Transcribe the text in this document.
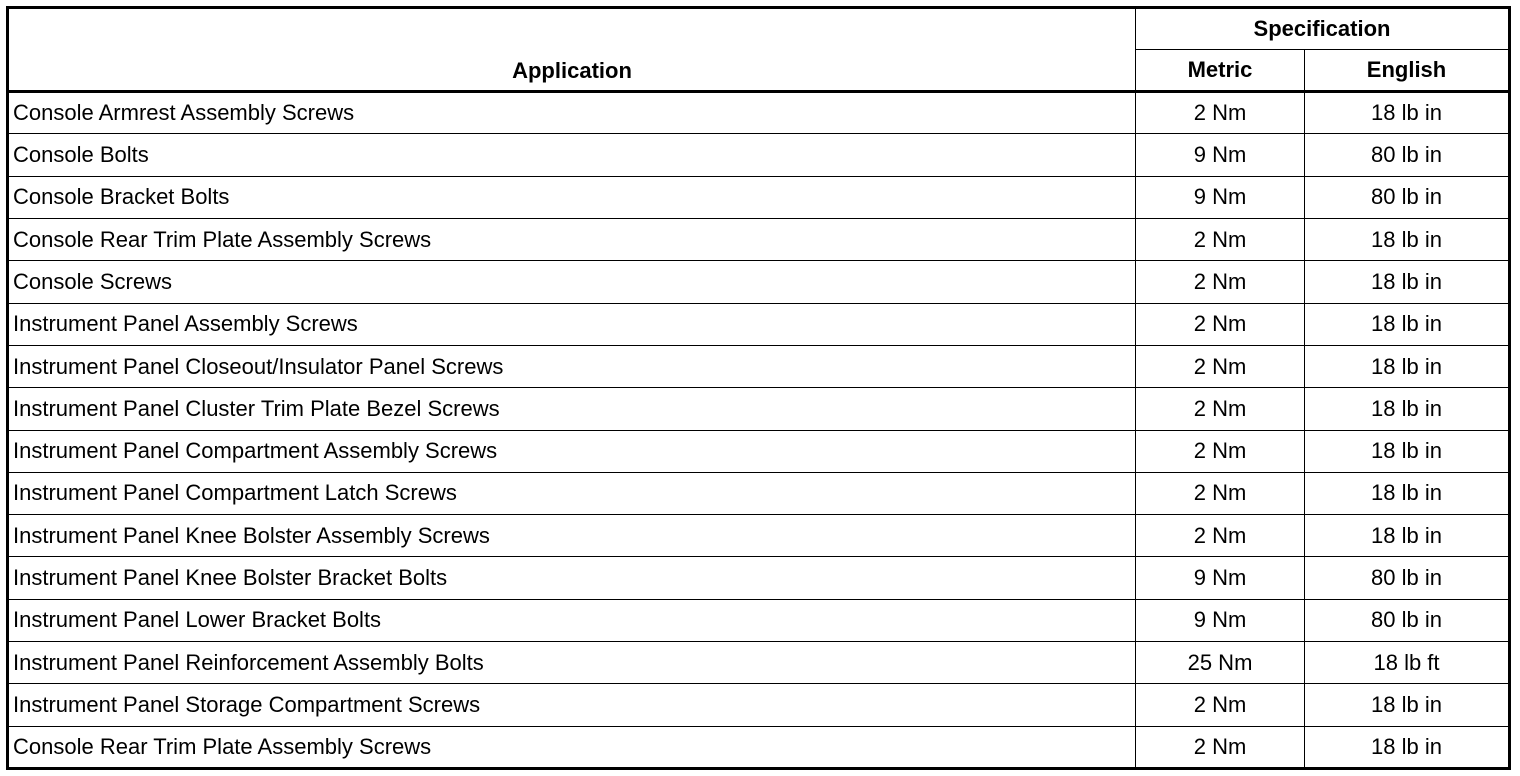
Application	Specification	
	Metric	English
Console Armrest Assembly Screws	2 Nm	18 lb in
Console Bolts	9 Nm	80 lb in
Console Bracket Bolts	9 Nm	80 lb in
Console Rear Trim Plate Assembly Screws	2 Nm	18 lb in
Console Screws	2 Nm	18 lb in
Instrument Panel Assembly Screws	2 Nm	18 lb in
Instrument Panel Closeout/Insulator Panel Screws	2 Nm	18 lb in
Instrument Panel Cluster Trim Plate Bezel Screws	2 Nm	18 lb in
Instrument Panel Compartment Assembly Screws	2 Nm	18 lb in
Instrument Panel Compartment Latch Screws	2 Nm	18 lb in
Instrument Panel Knee Bolster Assembly Screws	2 Nm	18 lb in
Instrument Panel Knee Bolster Bracket Bolts	9 Nm	80 lb in
Instrument Panel Lower Bracket Bolts	9 Nm	80 lb in
Instrument Panel Reinforcement Assembly Bolts	25 Nm	18 lb ft
Instrument Panel Storage Compartment Screws	2 Nm	18 lb in
Console Rear Trim Plate Assembly Screws	2 Nm	18 lb in
